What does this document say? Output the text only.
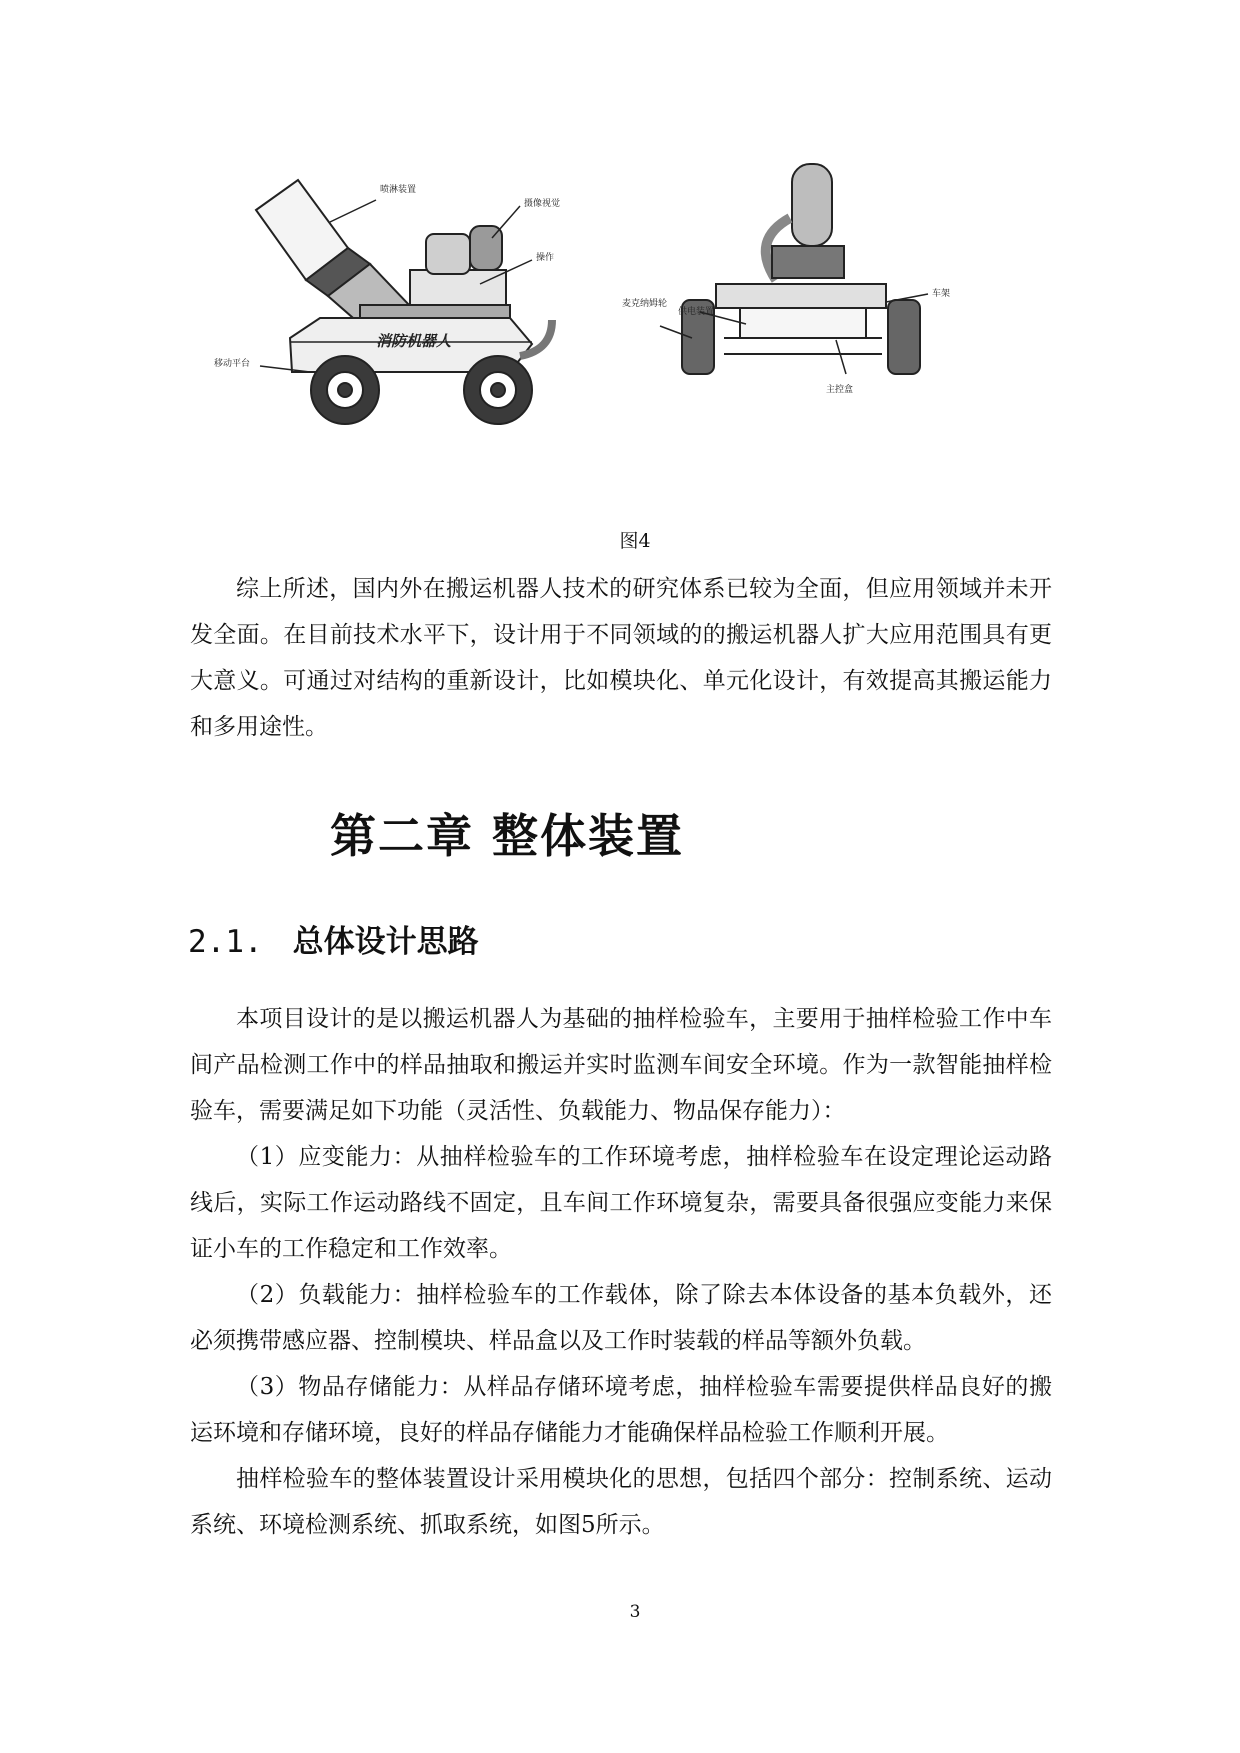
喷淋装置
摄像视觉
操作
消防机器人
移动平台
车架
麦克纳姆轮
供电装置
主控盒
图4

综上所述，国内外在搬运机器人技术的研究体系已较为全面，但应用领域并未开发全面。在目前技术水平下，设计用于不同领域的的搬运机器人扩大应用范围具有更大意义。可通过对结构的重新设计，比如模块化、单元化设计，有效提高其搬运能力和多用途性。

第二章 整体装置
2.1. 总体设计思路

本项目设计的是以搬运机器人为基础的抽样检验车，主要用于抽样检验工作中车间产品检测工作中的样品抽取和搬运并实时监测车间安全环境。作为一款智能抽样检验车，需要满足如下功能（灵活性、负载能力、物品保存能力）：

（1）应变能力：从抽样检验车的工作环境考虑，抽样检验车在设定理论运动路线后，实际工作运动路线不固定，且车间工作环境复杂，需要具备很强应变能力来保证小车的工作稳定和工作效率。

（2）负载能力：抽样检验车的工作载体，除了除去本体设备的基本负载外，还必须携带感应器、控制模块、样品盒以及工作时装载的样品等额外负载。

（3）物品存储能力：从样品存储环境考虑，抽样检验车需要提供样品良好的搬运环境和存储环境，良好的样品存储能力才能确保样品检验工作顺利开展。

抽样检验车的整体装置设计采用模块化的思想，包括四个部分：控制系统、运动系统、环境检测系统、抓取系统，如图5所示。

3
